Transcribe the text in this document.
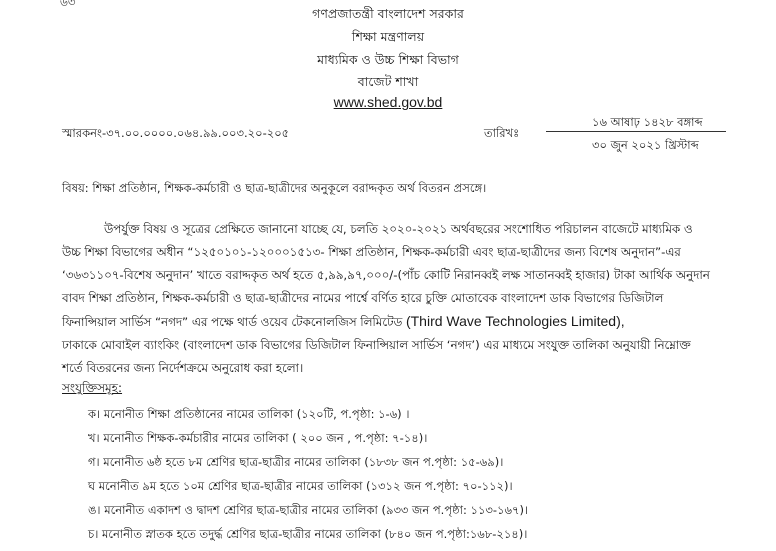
৬৩
গণপ্রজাতন্ত্রী বাংলাদেশ সরকার
শিক্ষা মন্ত্রণালয়
মাধ্যমিক ও উচ্চ শিক্ষা বিভাগ
বাজেট শাখা
www.shed.gov.bd
স্মারকনং-৩৭.০০.০০০০.০৬৪.৯৯.০০৩.২০-২০৫	তারিখঃ
১৬ আষাঢ় ১৪২৮ বঙ্গাব্দ
৩০ জুন ২০২১ খ্রিস্টাব্দ
বিষয়: শিক্ষা প্রতিষ্ঠান, শিক্ষক-কর্মচারী ও ছাত্র-ছাত্রীদের অনুকূলে বরাদ্দকৃত অর্থ বিতরন প্রসঙ্গে।
উপর্যুক্ত বিষয় ও সূত্রের প্রেক্ষিতে জানানো যাচ্ছে যে, চলতি ২০২০-২০২১ অর্থবছরের সংশোধিত পরিচালন বাজেটে মাধ্যমিক ও
উচ্চ শিক্ষা বিভাগের অধীন “১২৫০১০১-১২০০০১৫১৩- শিক্ষা প্রতিষ্ঠান, শিক্ষক-কর্মচারী এবং ছাত্র-ছাত্রীদের জন্য বিশেষ অনুদান”-এর
‘৩৬৩১১০৭-বিশেষ অনুদান’ খাতে বরাদ্দকৃত অর্থ হতে ৫,৯৯,৯৭,০০০/-(পাঁচ কোটি নিরানব্বই লক্ষ সাতানব্বই হাজার) টাকা আর্থিক অনুদান
বাবদ শিক্ষা প্রতিষ্ঠান, শিক্ষক-কর্মচারী ও ছাত্র-ছাত্রীদের নামের পার্শ্বে বর্ণিত হারে চুক্তি মোতাবেক বাংলাদেশ ডাক বিভাগের ডিজিটাল
ফিনান্সিয়াল সার্ভিস “নগদ” এর পক্ষে থার্ড ওয়েব টেকনোলজিস লিমিটেড (Third Wave Technologies Limited),
ঢাকাকে মোবাইল ব্যাংকিং (বাংলাদেশ ডাক বিভাগের ডিজিটাল ফিনান্সিয়াল সার্ভিস ‘নগদ’) এর মাধ্যমে সংযুক্ত তালিকা অনুযায়ী নিম্নোক্ত
শর্তে বিতরনের জন্য নির্দেশক্রমে অনুরোধ করা হলো।
সংযুক্তিসমূহ:
ক। মনোনীত শিক্ষা প্রতিষ্ঠানের নামের তালিকা (১২০টি, প.পৃষ্ঠা: ১-৬) ।
খ। মনোনীত শিক্ষক-কর্মচারীর নামের তালিকা ( ২০০ জন , প.পৃষ্ঠা: ৭-১৪)।
গ। মনোনীত ৬ষ্ঠ হতে ৮ম শ্রেণির ছাত্র-ছাত্রীর নামের তালিকা (১৮৩৮ জন প.পৃষ্ঠা: ১৫-৬৯)।
ঘ মনোনীত ৯ম হতে ১০ম শ্রেণির ছাত্র-ছাত্রীর নামের তালিকা (১৩১২ জন প.পৃষ্ঠা: ৭০-১১২)।
ঙ। মনোনীত একাদশ ও দ্বাদশ শ্রেণির ছাত্র-ছাত্রীর নামের তালিকা (৯৩৩ জন প.পৃষ্ঠা: ১১৩-১৬৭)।
চ। মনোনীত স্নাতক হতে তদুর্দ্ধ শ্রেণির ছাত্র-ছাত্রীর নামের তালিকা (৮৪০ জন প.পৃষ্ঠা:১৬৮-২১৪)।
